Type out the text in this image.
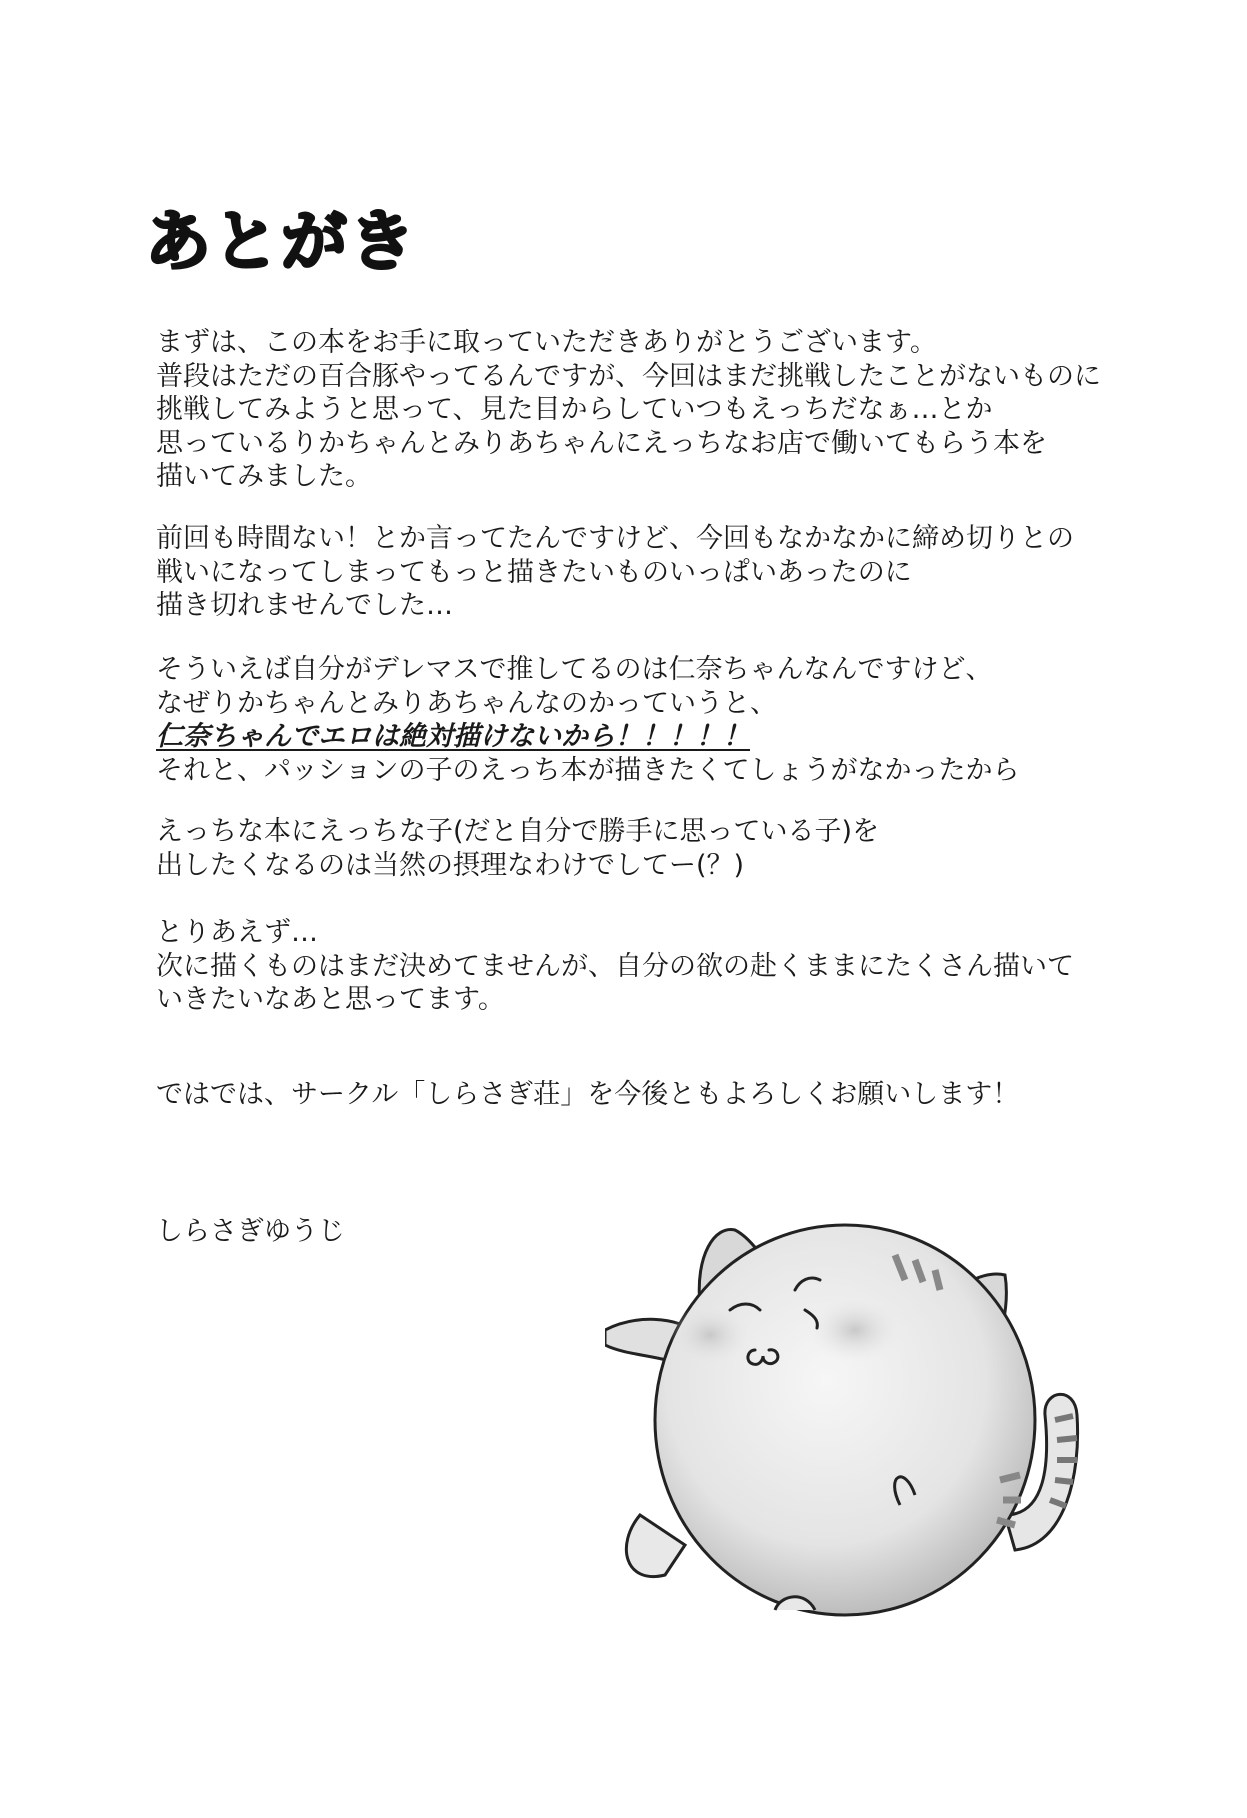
あとがき
まずは、この本をお手に取っていただきありがとうございます。
普段はただの百合豚やってるんですが、今回はまだ挑戦したことがないものに
挑戦してみようと思って、見た目からしていつもえっちだなぁ…とか
思っているりかちゃんとみりあちゃんにえっちなお店で働いてもらう本を
描いてみました。
前回も時間ない！とか言ってたんですけど、今回もなかなかに締め切りとの
戦いになってしまってもっと描きたいものいっぱいあったのに
描き切れませんでした…
そういえば自分がデレマスで推してるのは仁奈ちゃんなんですけど、
なぜりかちゃんとみりあちゃんなのかっていうと、
仁奈ちゃんでエロは絶対描けないから！！！！！
それと、パッションの子のえっち本が描きたくてしょうがなかったから
えっちな本にえっちな子(だと自分で勝手に思っている子)を
出したくなるのは当然の摂理なわけでしてー(？)
とりあえず…
次に描くものはまだ決めてませんが、自分の欲の赴くままにたくさん描いて
いきたいなあと思ってます。
ではでは、サークル「しらさぎ荘」を今後ともよろしくお願いします！
しらさぎゆうじ
